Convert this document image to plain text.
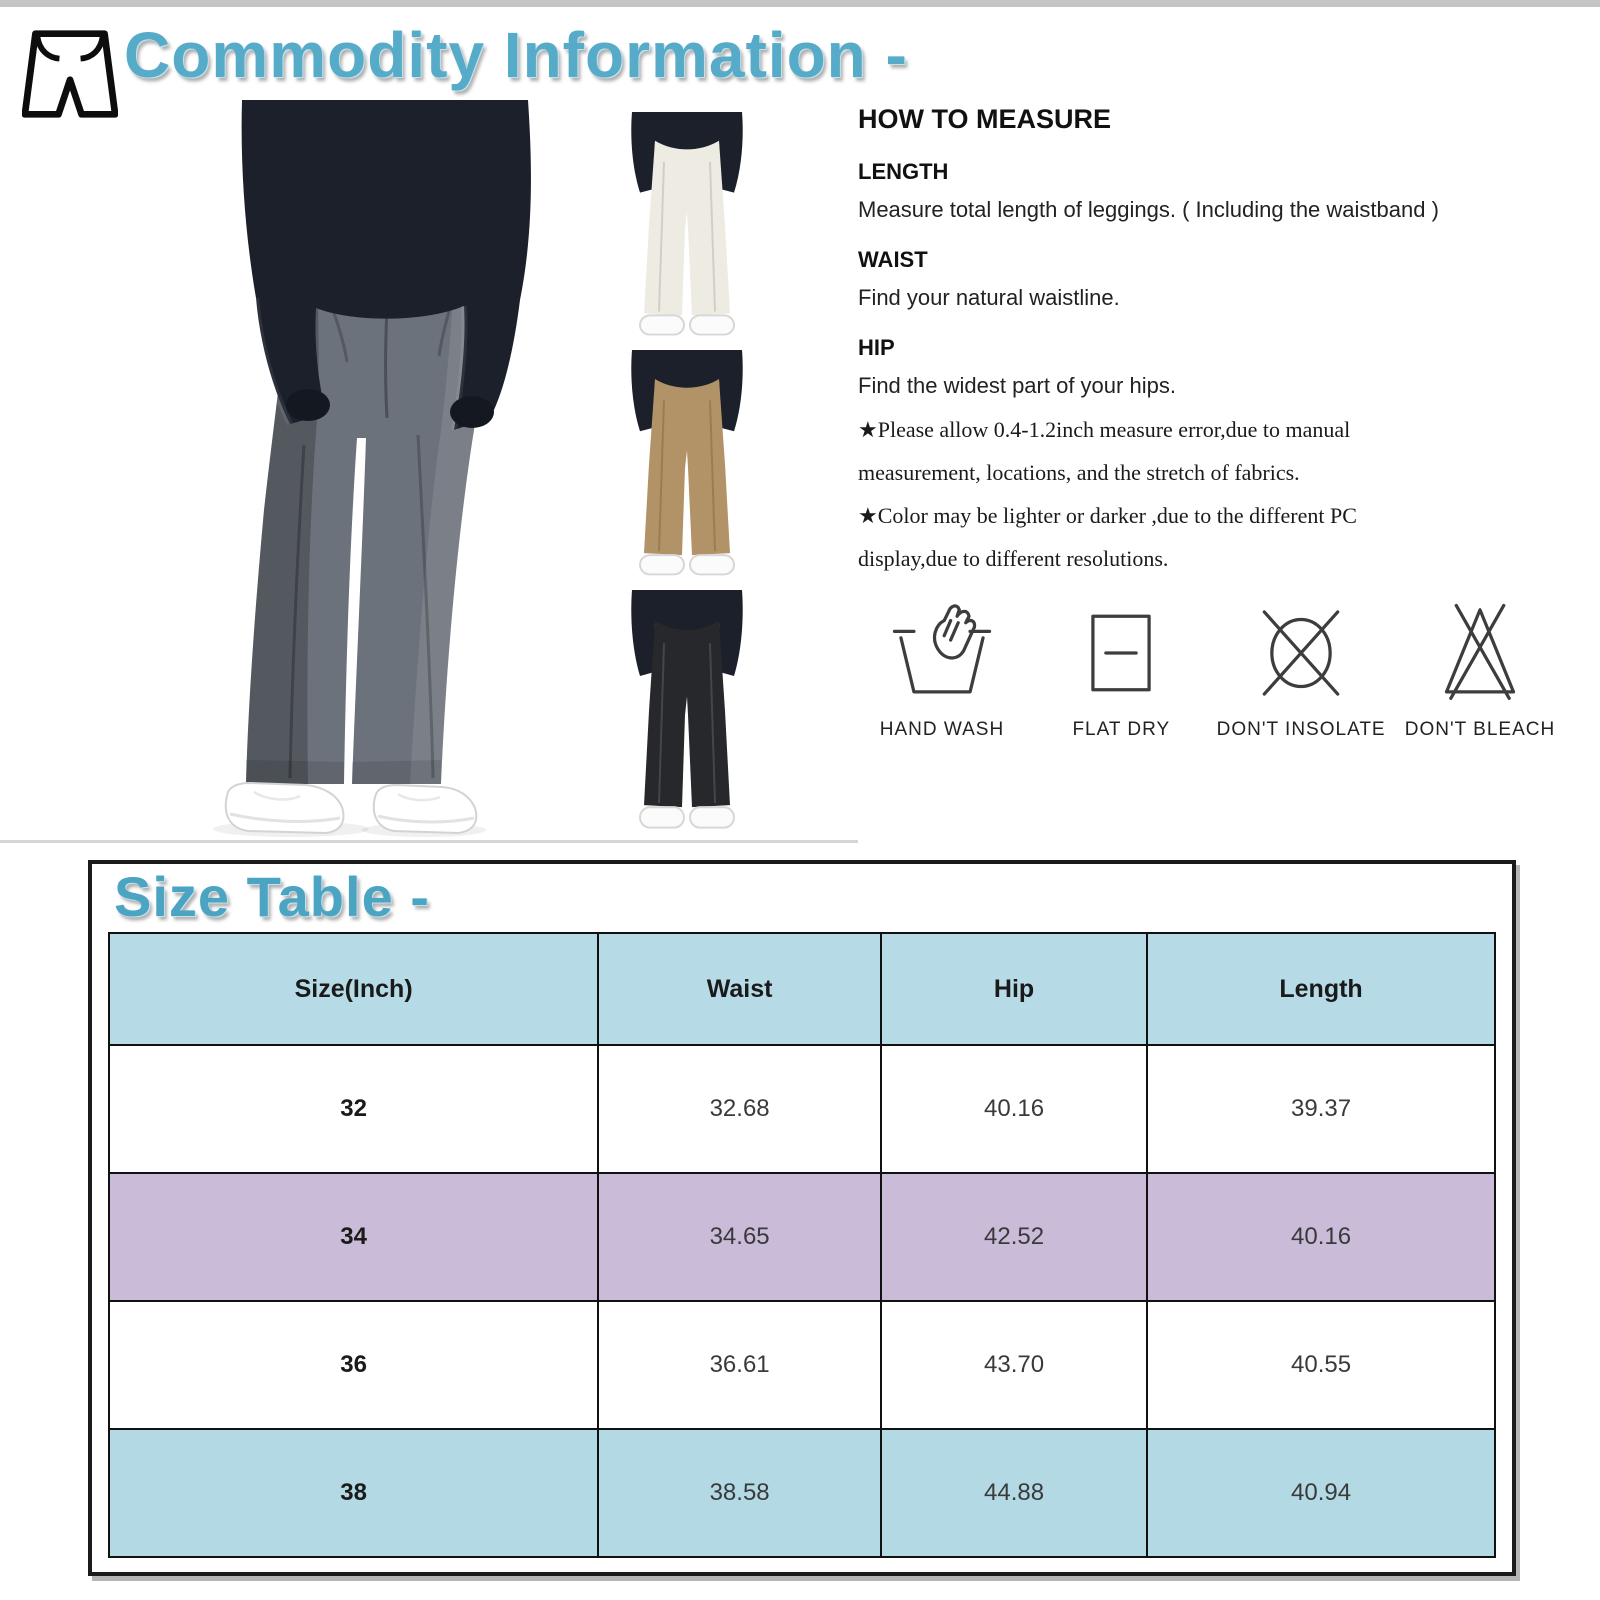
Commodity Information -
HOW TO MEASURE
LENGTH

Measure total length of leggings. ( Including the waistband )

WAIST

Find your natural waistline.

HIP

Find the widest part of your hips.

★Please allow 0.4-1.2inch measure error,due to manual measurement, locations, and the stretch of fabrics.

★Color may be lighter or darker ,due to the different PC display,due to different resolutions.

HAND WASH	FLAT DRY	DON'T INSOLATE	DON'T BLEACH
Size Table -
Size(Inch)	Waist	Hip	Length
32	32.68	40.16	39.37
34	34.65	42.52	40.16
36	36.61	43.70	40.55
38	38.58	44.88	40.94
